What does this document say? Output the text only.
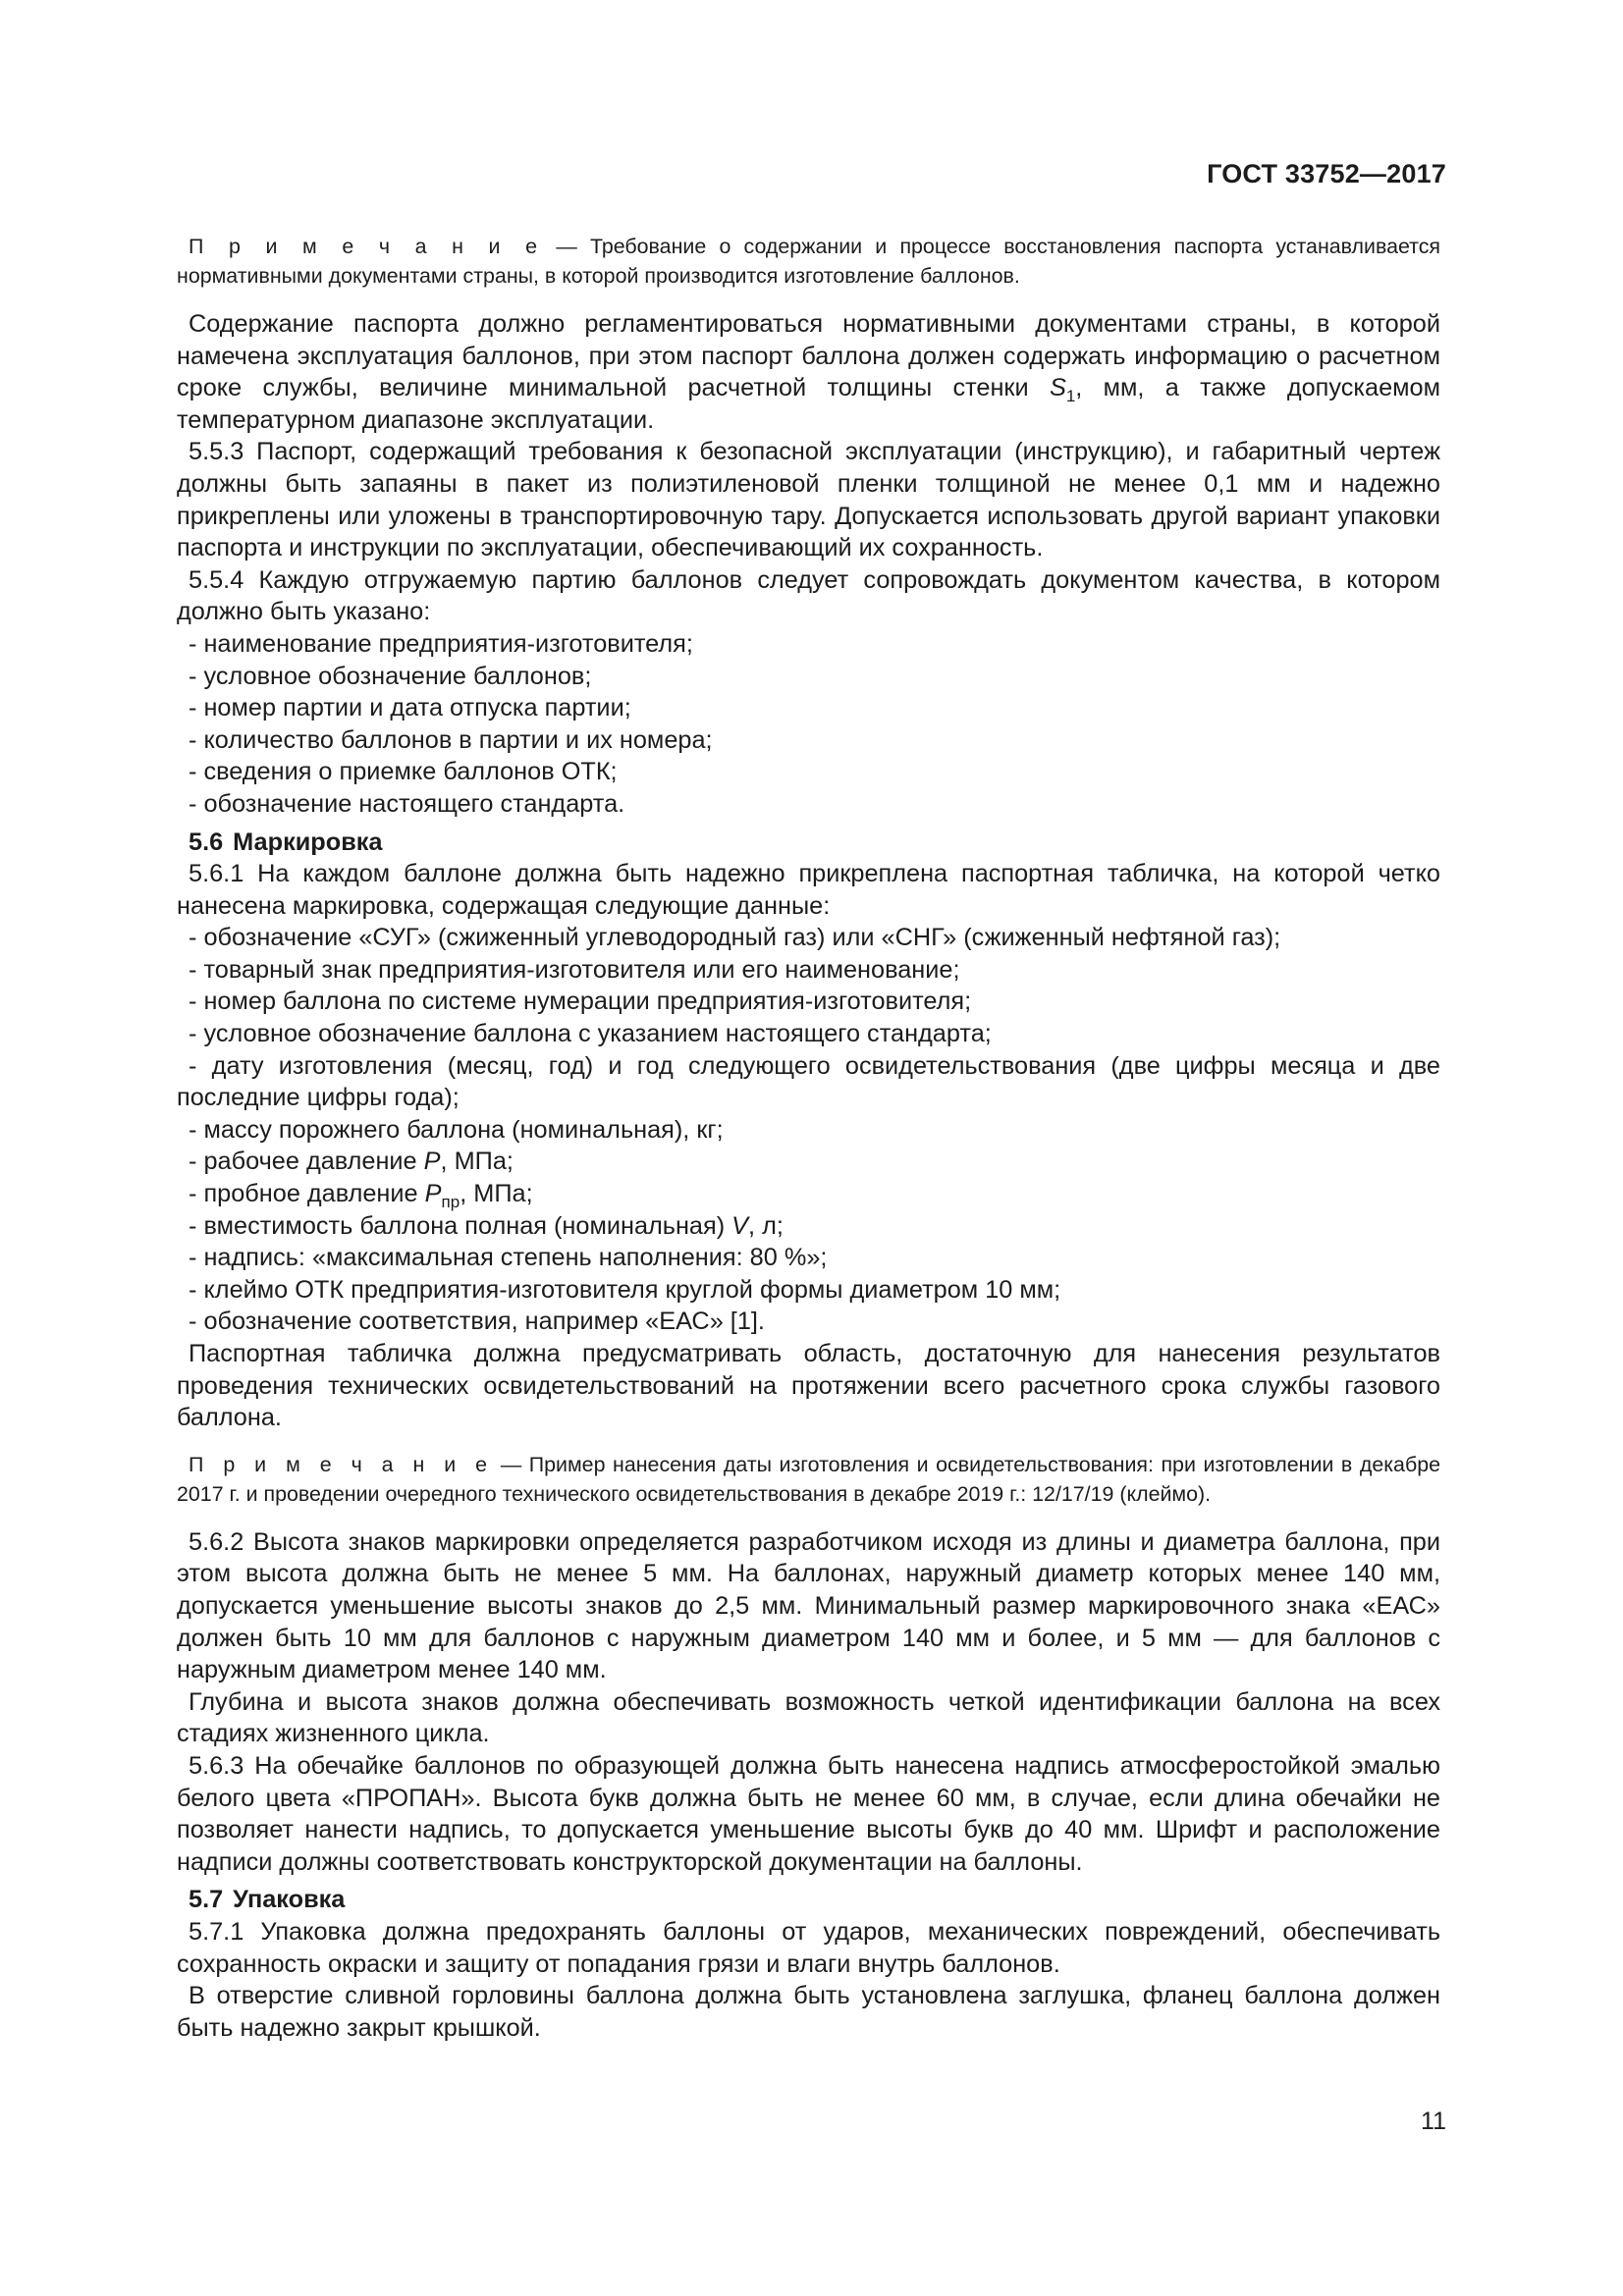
ГОСТ 33752—2017

П р и м е ч а н и е — Требование о содержании и процессе восстановления паспорта устанавливается нормативными документами страны, в которой производится изготовление баллонов.

Содержание паспорта должно регламентироваться нормативными документами страны, в которой намечена эксплуатация баллонов, при этом паспорт баллона должен содержать информацию о расчетном сроке службы, величине минимальной расчетной толщины стенки $S_1$, мм, а также допускаемом температурном диапазоне эксплуатации.

5.5.3 Паспорт, содержащий требования к безопасной эксплуатации (инструкцию), и габаритный чертеж должны быть запаяны в пакет из полиэтиленовой пленки толщиной не менее 0,1 мм и надежно прикреплены или уложены в транспортировочную тару. Допускается использовать другой вариант упаковки паспорта и инструкции по эксплуатации, обеспечивающий их сохранность.

5.5.4 Каждую отгружаемую партию баллонов следует сопровождать документом качества, в котором должно быть указано:

- наименование предприятия-изготовителя;

- условное обозначение баллонов;

- номер партии и дата отпуска партии;

- количество баллонов в партии и их номера;

- сведения о приемке баллонов ОТК;

- обозначение настоящего стандарта.

5.6 Маркировка

5.6.1 На каждом баллоне должна быть надежно прикреплена паспортная табличка, на которой четко нанесена маркировка, содержащая следующие данные:

- обозначение «СУГ» (сжиженный углеводородный газ) или «СНГ» (сжиженный нефтяной газ);

- товарный знак предприятия-изготовителя или его наименование;

- номер баллона по системе нумерации предприятия-изготовителя;

- условное обозначение баллона с указанием настоящего стандарта;

- дату изготовления (месяц, год) и год следующего освидетельствования (две цифры месяца и две последние цифры года);

- массу порожнего баллона (номинальная), кг;

- рабочее давление P, МПа;

- пробное давление $P_{пр}$, МПа;

- вместимость баллона полная (номинальная) V, л;

- надпись: «максимальная степень наполнения: 80 %»;

- клеймо ОТК предприятия-изготовителя круглой формы диаметром 10 мм;

- обозначение соответствия, например «ЕАС» [1].

Паспортная табличка должна предусматривать область, достаточную для нанесения результатов проведения технических освидетельствований на протяжении всего расчетного срока службы газового баллона.

П р и м е ч а н и е — Пример нанесения даты изготовления и освидетельствования: при изготовлении в декабре 2017 г. и проведении очередного технического освидетельствования в декабре 2019 г.: 12/17/19 (клеймо).

5.6.2 Высота знаков маркировки определяется разработчиком исходя из длины и диаметра баллона, при этом высота должна быть не менее 5 мм. На баллонах, наружный диаметр которых менее 140 мм, допускается уменьшение высоты знаков до 2,5 мм. Минимальный размер маркировочного знака «ЕАС» должен быть 10 мм для баллонов с наружным диаметром 140 мм и более, и 5 мм — для баллонов с наружным диаметром менее 140 мм.

Глубина и высота знаков должна обеспечивать возможность четкой идентификации баллона на всех стадиях жизненного цикла.

5.6.3 На обечайке баллонов по образующей должна быть нанесена надпись атмосферостойкой эмалью белого цвета «ПРОПАН». Высота букв должна быть не менее 60 мм, в случае, если длина обечайки не позволяет нанести надпись, то допускается уменьшение высоты букв до 40 мм. Шрифт и расположение надписи должны соответствовать конструкторской документации на баллоны.

5.7 Упаковка

5.7.1 Упаковка должна предохранять баллоны от ударов, механических повреждений, обеспечивать сохранность окраски и защиту от попадания грязи и влаги внутрь баллонов.

В отверстие сливной горловины баллона должна быть установлена заглушка, фланец баллона должен быть надежно закрыт крышкой.

11
